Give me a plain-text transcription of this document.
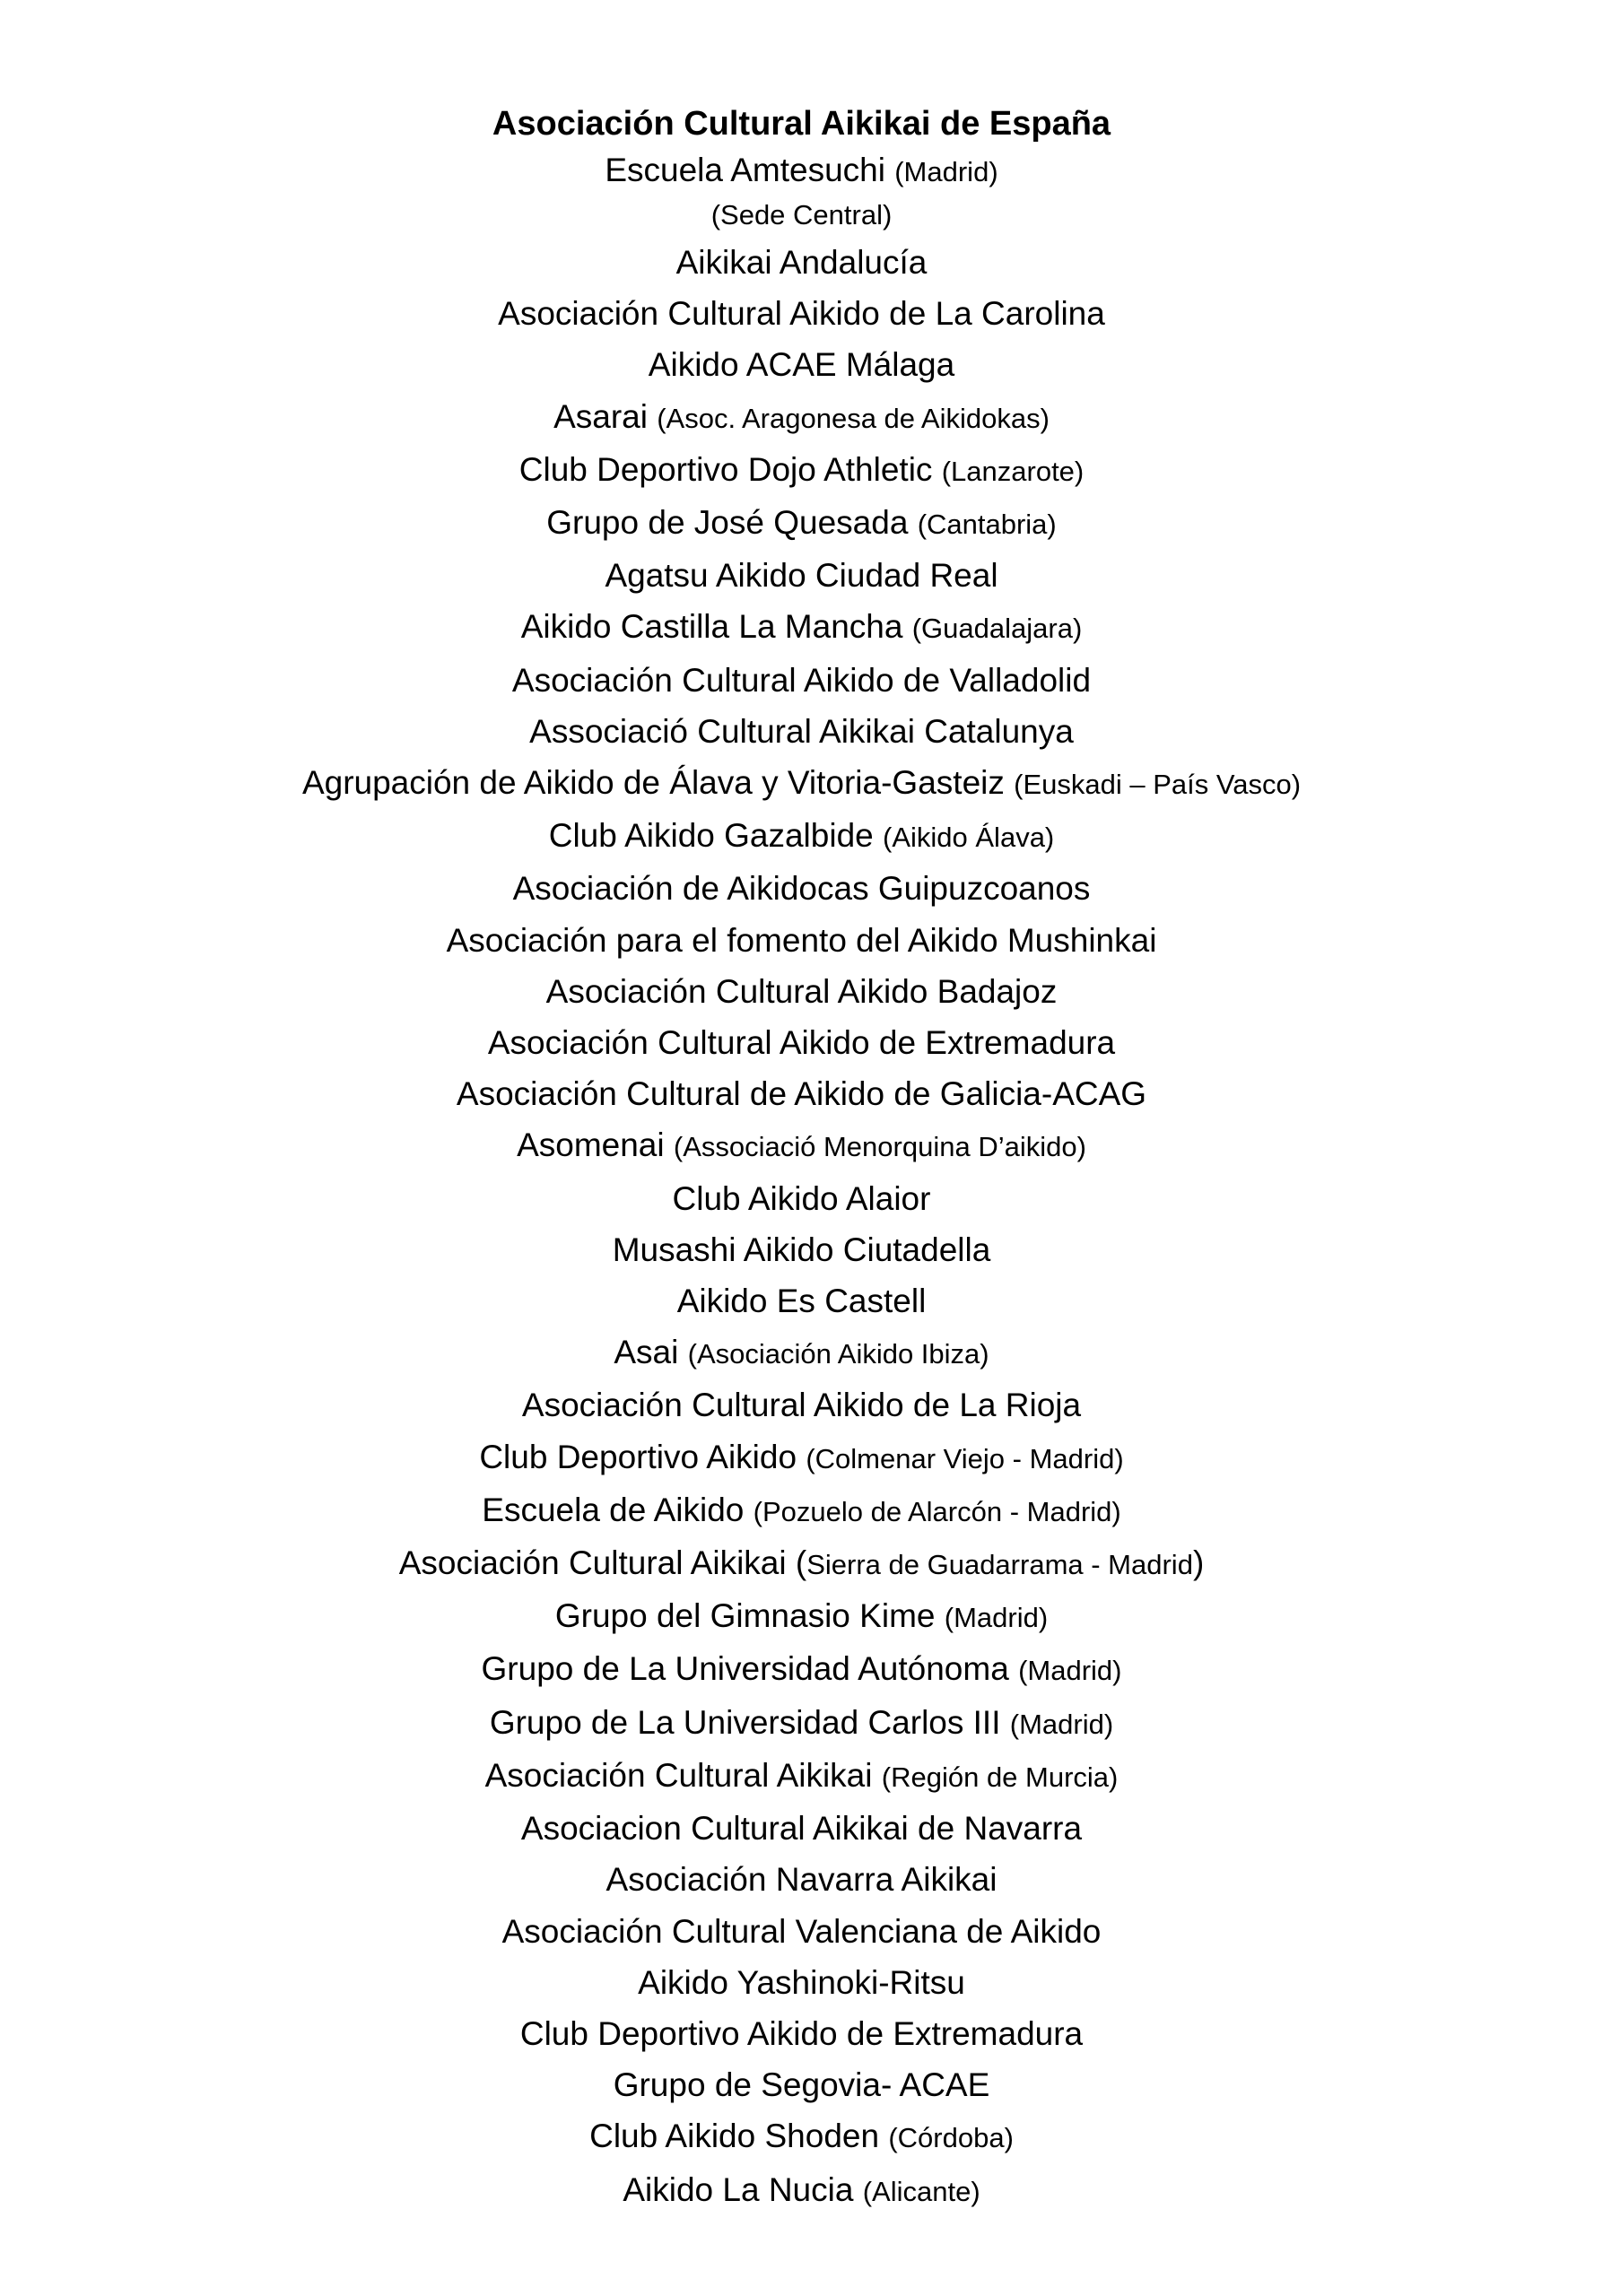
Asociación Cultural Aikikai de España
Escuela Amtesuchi (Madrid)
(Sede Central)
Aikikai Andalucía
Asociación Cultural Aikido de La Carolina
Aikido ACAE Málaga
Asarai (Asoc. Aragonesa de Aikidokas)
Club Deportivo Dojo Athletic (Lanzarote)
Grupo de José Quesada (Cantabria)
Agatsu Aikido Ciudad Real
Aikido Castilla La Mancha (Guadalajara)
Asociación Cultural Aikido de Valladolid
Associació Cultural Aikikai Catalunya
Agrupación de Aikido de Álava y Vitoria-Gasteiz (Euskadi – País Vasco)
Club Aikido Gazalbide (Aikido Álava)
Asociación de Aikidocas Guipuzcoanos
Asociación para el fomento del Aikido Mushinkai
Asociación Cultural Aikido Badajoz
Asociación Cultural Aikido de Extremadura
Asociación Cultural de Aikido de Galicia-ACAG
Asomenai (Associació Menorquina D’aikido)
Club Aikido Alaior
Musashi Aikido Ciutadella
Aikido Es Castell
Asai (Asociación Aikido Ibiza)
Asociación Cultural Aikido de La Rioja
Club Deportivo Aikido (Colmenar Viejo - Madrid)
Escuela de Aikido (Pozuelo de Alarcón - Madrid)
Asociación Cultural Aikikai (Sierra de Guadarrama - Madrid)
Grupo del Gimnasio Kime (Madrid)
Grupo de La Universidad Autónoma (Madrid)
Grupo de La Universidad Carlos III (Madrid)
Asociación Cultural Aikikai (Región de Murcia)
Asociacion Cultural Aikikai de Navarra
Asociación Navarra Aikikai
Asociación Cultural Valenciana de Aikido
Aikido Yashinoki-Ritsu
Club Deportivo Aikido de Extremadura
Grupo de Segovia- ACAE
Club Aikido Shoden (Córdoba)
Aikido La Nucia (Alicante)
